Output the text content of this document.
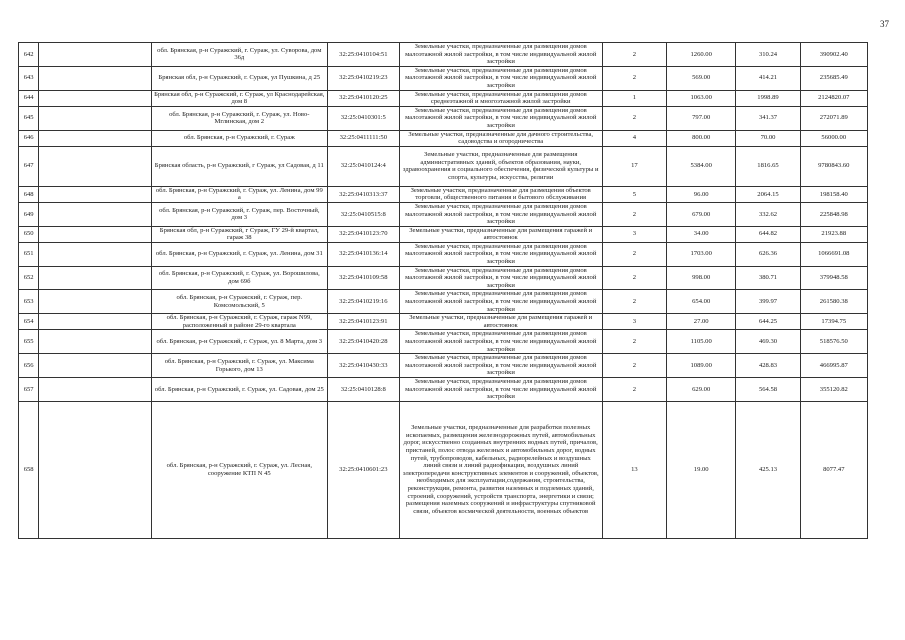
37
642		обл. Брянская, р-н Суражский, г. Сураж, ул. Суворова, дом 36д	32:25:0410104:51	Земельные участки, предназначенные для размещения домов малоэтажной жилой застройки, в том числе индивидуальной жилой застройки	2	1260.00	310.24	390902.40
643		Брянская обл, р-н Суражский, г. Сураж, ул Пушкина, д 25	32:25:0410219:23	Земельные участки, предназначенные для размещения домов малоэтажной жилой застройки, в том числе индивидуальной жилой застройки	2	569.00	414.21	235685.49
644		Брянская обл, р-н Суражский, г. Сураж, ул Краснодарейская, дом 8	32:25:0410120:25	Земельные участки, предназначенные для размещения домов среднеэтажной и многоэтажной жилой застройки	1	1063.00	1998.89	2124820.07
645		обл. Брянская, р-н Суражский, г. Сураж, ул. Ново-Мглинская, дом 2	32:25:0410301:5	Земельные участки, предназначенные для размещения домов малоэтажной жилой застройки, в том числе индивидуальной жилой застройки	2	797.00	341.37	272071.89
646		обл. Брянская, р-н Суражский, г. Сураж	32:25:0411111:50	Земельные участки, предназначенные для дачного строительства, садоводства и огородничества	4	800.00	70.00	56000.00
647		Брянская область, р-н Суражский, г Сураж, ул Садовая, д 11	32:25:0410124:4	Земельные участки, предназначенные для размещения административных зданий, объектов образования, науки, здравоохранения и социального обеспечения, физической культуры и спорта, культуры, искусства, религии	17	5384.00	1816.65	9780843.60
648		обл. Брянская, р-н Суражский, г. Сураж, ул. Ленина, дом 99 а	32:25:0410313:37	Земельные участки, предназначенные для размещения объектов торговли, общественного питания и бытового обслуживания	5	96.00	2064.15	198158.40
649		обл. Брянская, р-н Суражский, г. Сураж, пер. Восточный, дом 3	32:25:0410515:8	Земельные участки, предназначенные для размещения домов малоэтажной жилой застройки, в том числе индивидуальной жилой застройки	2	679.00	332.62	225848.98
650		Брянская обл, р-н Суражский, г Сураж, ГУ 29-й квартал, гараж 38	32:25:0410123:70	Земельные участки, предназначенные для размещения гаражей и автостоянок	3	34.00	644.82	21923.88
651		обл. Брянская, р-н Суражский, г. Сураж, ул. Ленина, дом 31	32:25:0410136:14	Земельные участки, предназначенные для размещения домов малоэтажной жилой застройки, в том числе индивидуальной жилой застройки	2	1703.00	626.36	1066691.08
652		обл. Брянская, р-н Суражский, г. Сураж, ул. Ворошилова, дом 69б	32:25:0410109:58	Земельные участки, предназначенные для размещения домов малоэтажной жилой застройки, в том числе индивидуальной жилой застройки	2	998.00	380.71	379948.58
653		обл. Брянская, р-н Суражский, г. Сураж, пер. Комсомольский, 5	32:25:0410219:16	Земельные участки, предназначенные для размещения домов малоэтажной жилой застройки, в том числе индивидуальной жилой застройки	2	654.00	399.97	261580.38
654		обл. Брянская, р-н Суражский, г. Сураж, гараж N99, расположенный в районе 29-го квартала	32:25:0410123:91	Земельные участки, предназначенные для размещения гаражей и автостоянок	3	27.00	644.25	17394.75
655		обл. Брянская, р-н Суражский, г. Сураж, ул. 8 Марта, дом 3	32:25:0410420:28	Земельные участки, предназначенные для размещения домов малоэтажной жилой застройки, в том числе индивидуальной жилой застройки	2	1105.00	469.30	518576.50
656		обл. Брянская, р-н Суражский, г. Сураж, ул. Максима Горького, дом 13	32:25:0410430:33	Земельные участки, предназначенные для размещения домов малоэтажной жилой застройки, в том числе индивидуальной жилой застройки	2	1089.00	428.83	466995.87
657		обл. Брянская, р-н Суражский, г. Сураж, ул. Садовая, дом 25	32:25:0410128:8	Земельные участки, предназначенные для размещения домов малоэтажной жилой застройки, в том числе индивидуальной жилой застройки	2	629.00	564.58	355120.82
658		обл. Брянская, р-н Суражский, г. Сураж, ул. Лесная, сооружение КТП N 45	32:25:0410601:23	Земельные участки, предназначенные для разработки полезных ископаемых, размещения железнодорожных путей, автомобильных дорог, искусственно созданных внутренних водных путей, причалов, пристаней, полос отвода железных и автомобильных дорог, водных путей, трубопроводов, кабельных, радиорелейных и воздушных линий связи и линий радиофикации, воздушных линий электропередачи конструктивных элементов и сооружений, объектов, необходимых для эксплуатации,содержания, строительства, реконструкции, ремонта, развития наземных и подземных зданий, строений, сооружений, устройств транспорта, энергетики и связи; размещения наземных сооружений и инфраструктуры спутниковой связи, объектов космической деятельности, военных объектов	13	19.00	425.13	8077.47
